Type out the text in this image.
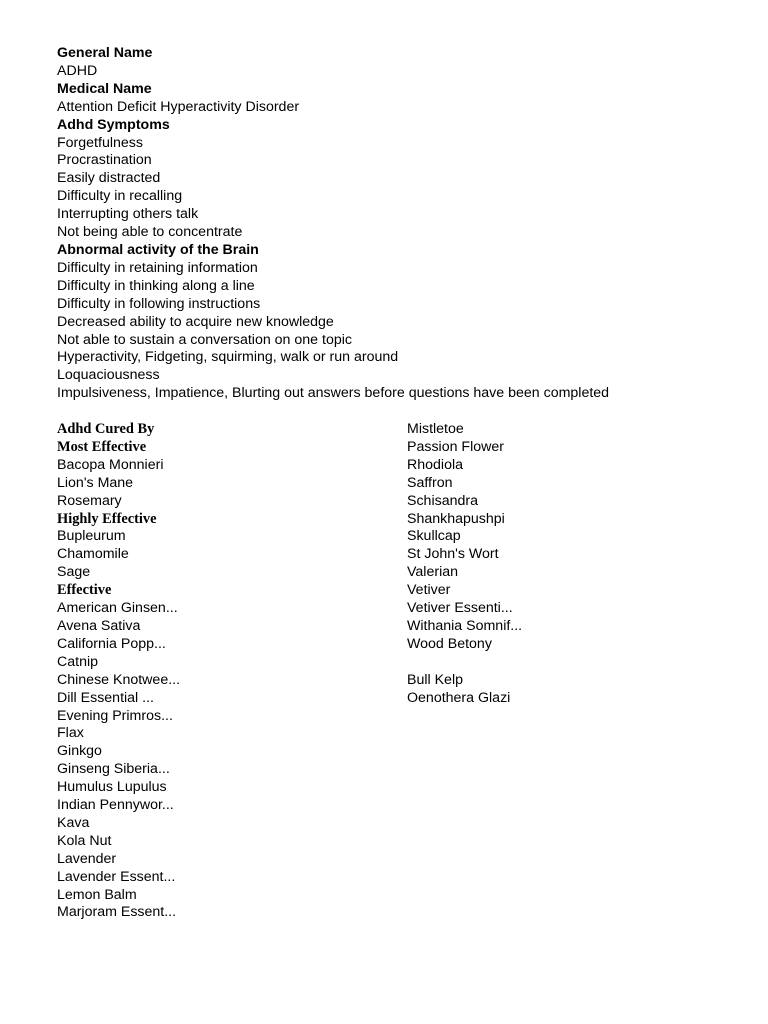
General Name
ADHD
Medical Name
Attention Deficit Hyperactivity Disorder
Adhd Symptoms
Forgetfulness
Procrastination
Easily distracted
Difficulty in recalling
Interrupting others talk
Not being able to concentrate
Abnormal activity of the Brain
Difficulty in retaining information
Difficulty in thinking along a line
Difficulty in following instructions
Decreased ability to acquire new knowledge
Not able to sustain a conversation on one topic
Hyperactivity, Fidgeting, squirming, walk or run around
Loquaciousness
Impulsiveness, Impatience, Blurting out answers before questions have been completed
Adhd Cured By
Most Effective
Bacopa Monnieri
Lion's Mane
Rosemary
Highly Effective
Bupleurum
Chamomile
Sage
Effective
American Ginsen...
Avena Sativa
California Popp...
Catnip
Chinese Knotwee...
Dill Essential ...
Evening Primros...
Flax
Ginkgo
Ginseng Siberia...
Humulus Lupulus
Indian Pennywor...
Kava
Kola Nut
Lavender
Lavender Essent...
Lemon Balm
Marjoram Essent...
Mistletoe
Passion Flower
Rhodiola
Saffron
Schisandra
Shankhapushpi
Skullcap
St John's Wort
Valerian
Vetiver
Vetiver Essenti...
Withania Somnif...
Wood Betony
Bull Kelp
Oenothera Glazi
